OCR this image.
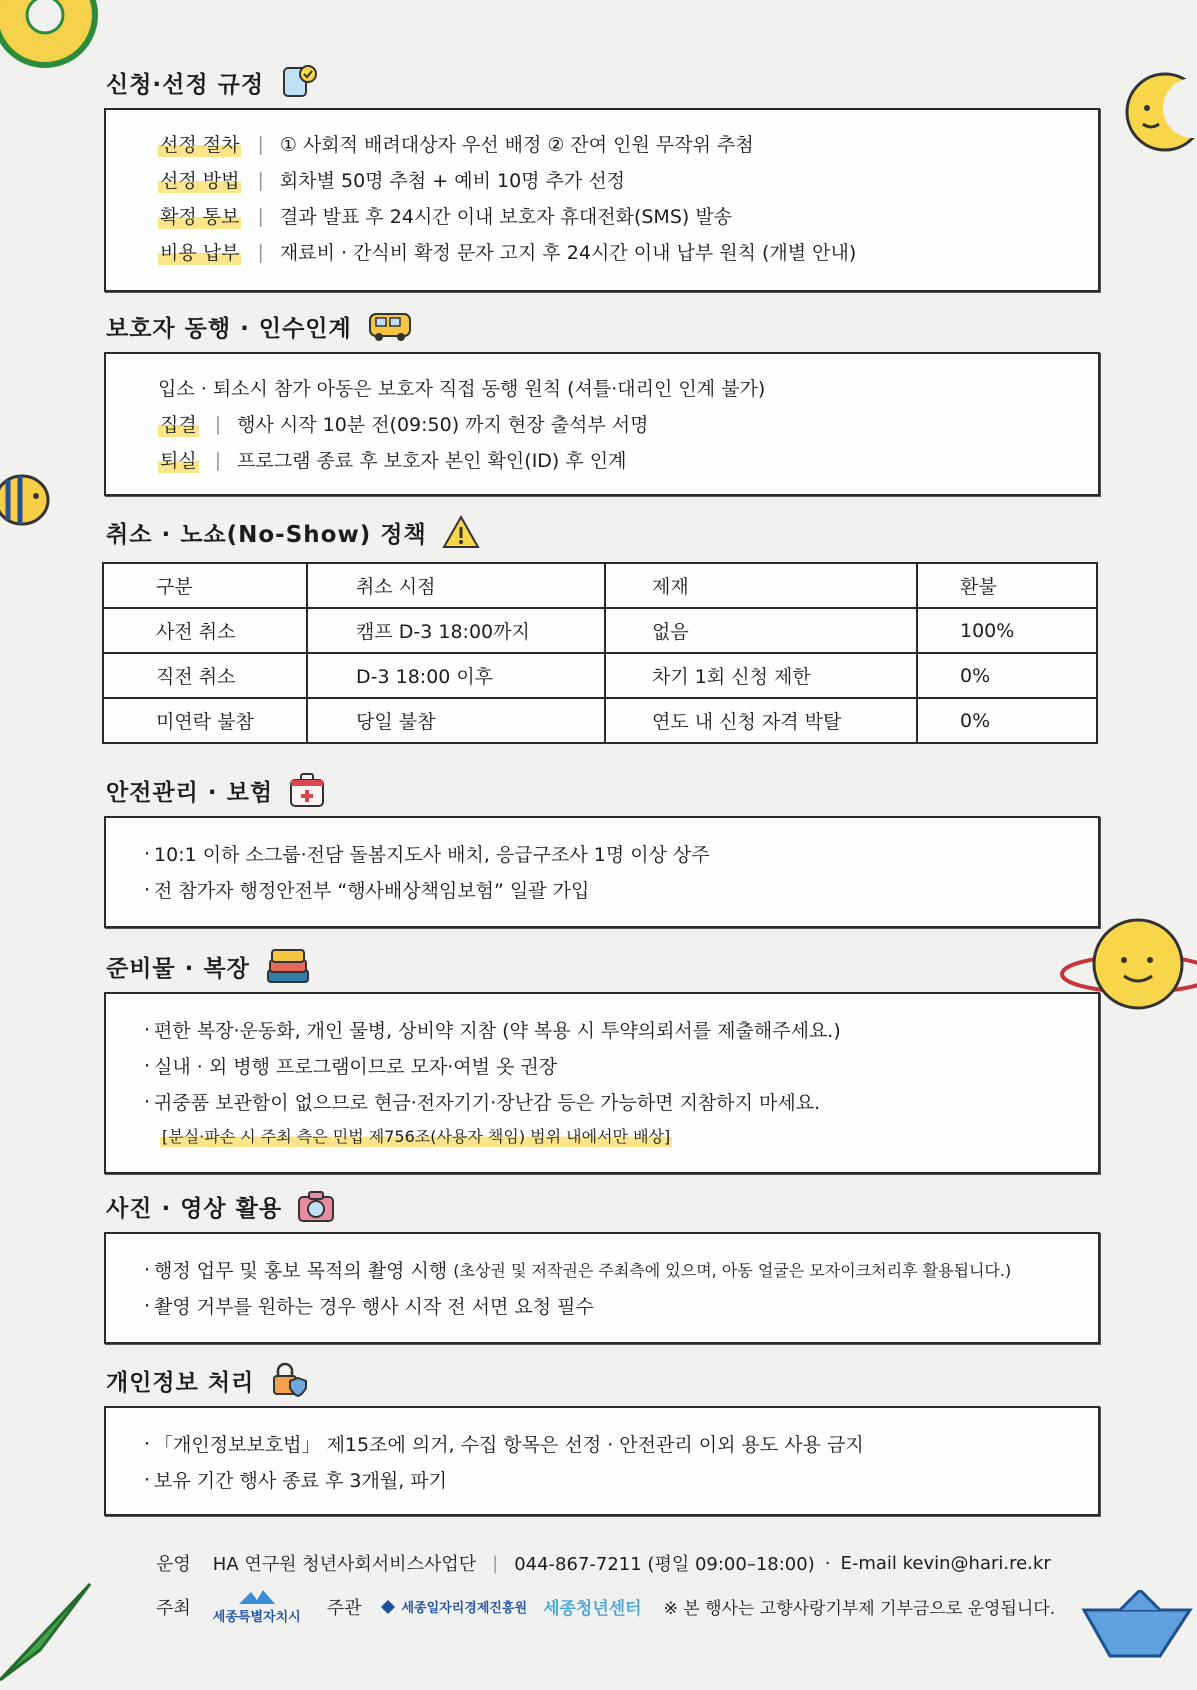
신청·선정 규정
선정 절차 | ① 사회적 배려대상자 우선 배정 ② 잔여 인원 무작위 추첨
선정 방법 | 회차별 50명 추첨 + 예비 10명 추가 선정
확정 통보 | 결과 발표 후 24시간 이내 보호자 휴대전화(SMS) 발송
비용 납부 | 재료비 · 간식비 확정 문자 고지 후 24시간 이내 납부 원칙 (개별 안내)
보호자 동행 · 인수인계
입소 · 퇴소시 참가 아동은 보호자 직접 동행 원칙 (셔틀·대리인 인계 불가)
집결 | 행사 시작 10분 전(09:50) 까지 현장 출석부 서명
퇴실 | 프로그램 종료 후 보호자 본인 확인(ID) 후 인계
취소 · 노쇼(No-Show) 정책
구분	취소 시점	제재	환불
사전 취소	캠프 D-3 18:00까지	없음	100%
직전 취소	D-3 18:00 이후	차기 1회 신청 제한	0%
미연락 불참	당일 불참	연도 내 신청 자격 박탈	0%
안전관리 · 보험
· 10:1 이하 소그룹·전담 돌봄지도사 배치, 응급구조사 1명 이상 상주
· 전 참가자 행정안전부 “행사배상책임보험” 일괄 가입
준비물 · 복장
· 편한 복장·운동화, 개인 물병, 상비약 지참 (약 복용 시 투약의뢰서를 제출해주세요.)
· 실내 · 외 병행 프로그램이므로 모자·여벌 옷 권장
· 귀중품 보관함이 없으므로 현금·전자기기·장난감 등은 가능하면 지참하지 마세요.
[분실·파손 시 주최 측은 민법 제756조(사용자 책임) 범위 내에서만 배상]
사진 · 영상 활용
· 행정 업무 및 홍보 목적의 촬영 시행 (초상권 및 저작권은 주최측에 있으며, 아동 얼굴은 모자이크처리후 활용됩니다.)
· 촬영 거부를 원하는 경우 행사 시작 전 서면 요청 필수
개인정보 처리
· 「개인정보보호법」 제15조에 의거, 수집 항목은 선정 · 안전관리 이외 용도 사용 금지
· 보유 기간 행사 종료 후 3개월, 파기
운영 HA 연구원 청년사회서비스사업단 | 044-867-7211 (평일 09:00–18:00) · E-mail kevin@hari.re.kr
주최 세종특별자치시 주관	세종일자리경제진흥원 세종청년센터 ※ 본 행사는 고향사랑기부제 기부금으로 운영됩니다.
